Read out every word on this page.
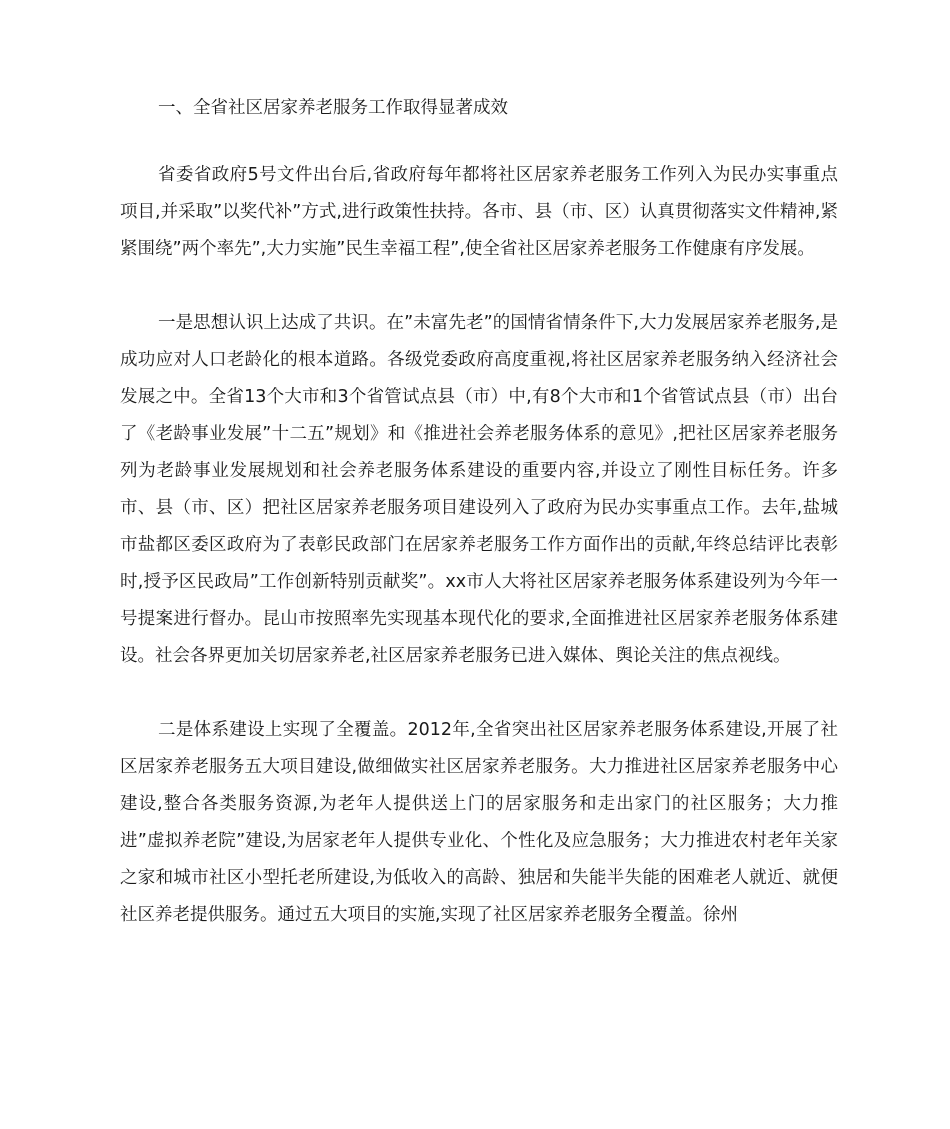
一、全省社区居家养老服务工作取得显著成效

省委省政府5号文件出台后,省政府每年都将社区居家养老服务工作列入为民办实事重点项目,并采取”以奖代补”方式,进行政策性扶持。各市、县（市、区）认真贯彻落实文件精神,紧紧围绕”两个率先”,大力实施”民生幸福工程”,使全省社区居家养老服务工作健康有序发展。

一是思想认识上达成了共识。在”未富先老”的国情省情条件下,大力发展居家养老服务,是成功应对人口老龄化的根本道路。各级党委政府高度重视,将社区居家养老服务纳入经济社会发展之中。全省13个大市和3个省管试点县（市）中,有8个大市和1个省管试点县（市）出台了《老龄事业发展”十二五”规划》和《推进社会养老服务体系的意见》,把社区居家养老服务列为老龄事业发展规划和社会养老服务体系建设的重要内容,并设立了刚性目标任务。许多市、县（市、区）把社区居家养老服务项目建设列入了政府为民办实事重点工作。去年,盐城市盐都区委区政府为了表彰民政部门在居家养老服务工作方面作出的贡献,年终总结评比表彰时,授予区民政局”工作创新特别贡献奖”。xx市人大将社区居家养老服务体系建设列为今年一号提案进行督办。昆山市按照率先实现基本现代化的要求,全面推进社区居家养老服务体系建设。社会各界更加关切居家养老,社区居家养老服务已进入媒体、舆论关注的焦点视线。

二是体系建设上实现了全覆盖。2012年,全省突出社区居家养老服务体系建设,开展了社区居家养老服务五大项目建设,做细做实社区居家养老服务。大力推进社区居家养老服务中心建设,整合各类服务资源,为老年人提供送上门的居家服务和走出家门的社区服务；大力推进”虚拟养老院”建设,为居家老年人提供专业化、个性化及应急服务；大力推进农村老年关家之家和城市社区小型托老所建设,为低收入的高龄、独居和失能半失能的困难老人就近、就便社区养老提供服务。通过五大项目的实施,实现了社区居家养老服务全覆盖。徐州
